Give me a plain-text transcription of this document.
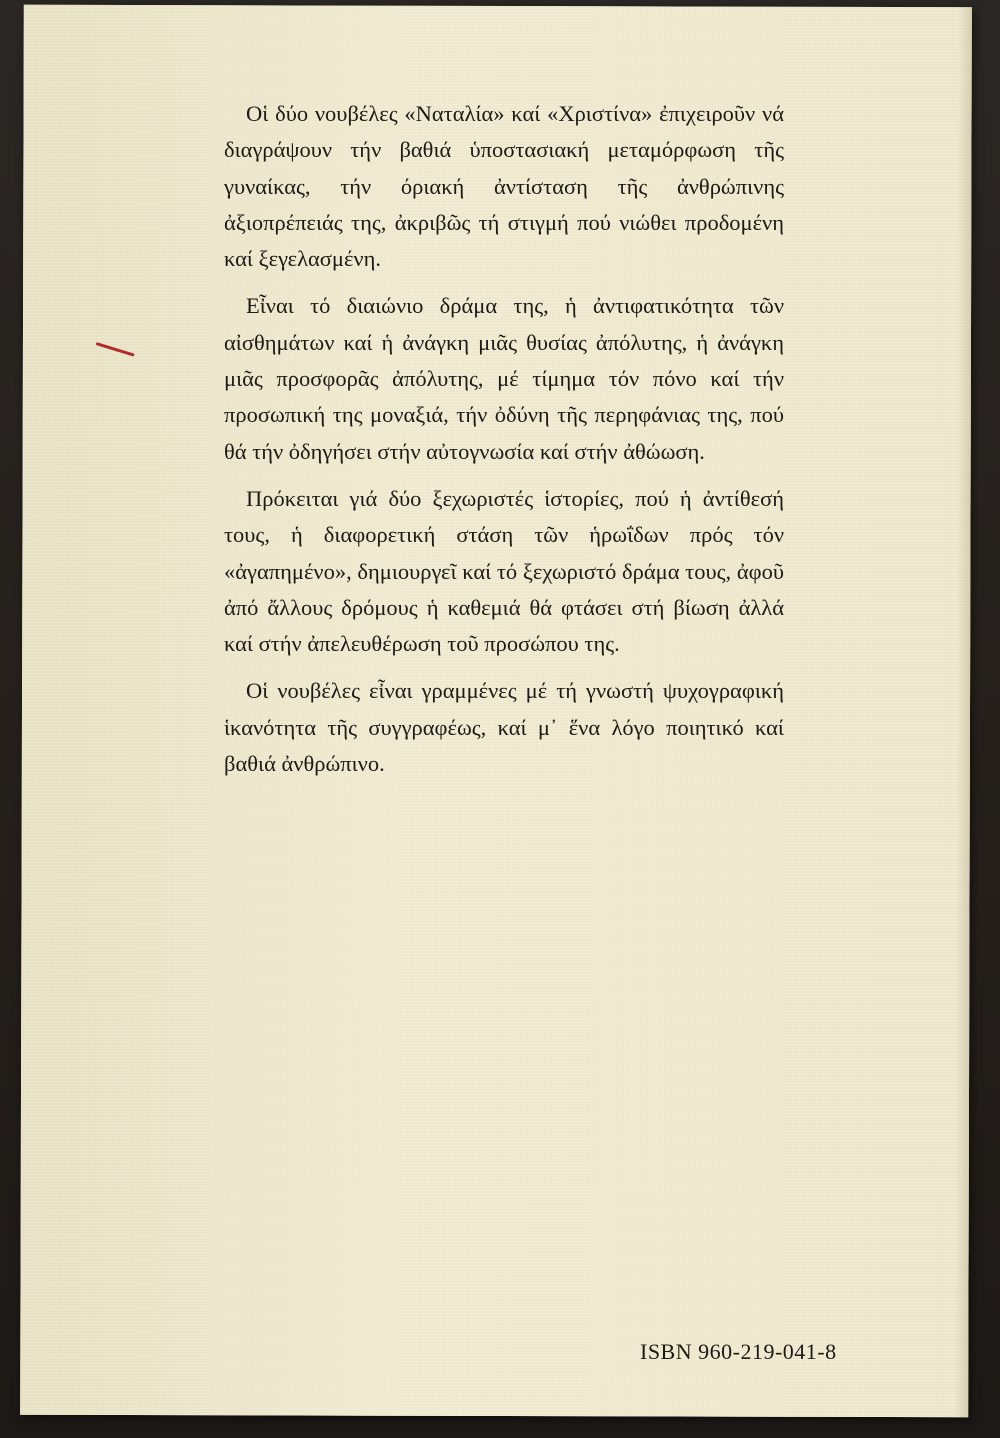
Οἱ δύο νουβέλες «Ναταλία» καί «Χριστίνα» ἐπιχειροῦν νά διαγράψουν τήν βαθιά ὑποστασιακή μεταμόρφωση τῆς γυναίκας, τήν όριακή ἀντίσταση τῆς ἀνθρώπινης ἀξιοπρέπειάς της, ἀκριβῶς τή στιγμή πού νιώθει προδομένη καί ξεγελασμένη.

Εἶναι τό διαιώνιο δράμα της, ἡ ἀντιφατικότητα τῶν αἰσθημάτων καί ἡ ἀνάγκη μιᾶς θυσίας ἀπόλυτης, ἡ ἀνάγκη μιᾶς προσφορᾶς ἀπόλυτης, μέ τίμημα τόν πόνο καί τήν προσωπική της μοναξιά, τήν ὀδύνη τῆς περηφάνιας της, πού θά τήν ὀδηγήσει στήν αὐτογνωσία καί στήν ἀθώωση.

Πρόκειται γιά δύο ξεχωριστές ἱστορίες, πού ἡ ἀντίθεσή τους, ἡ διαφορετική στάση τῶν ἡρωΐδων πρός τόν «ἀγαπημένο», δημιουργεῖ καί τό ξεχωριστό δράμα τους, ἀφοῦ ἀπό ἄλλους δρόμους ἡ καθεμιά θά φτάσει στή βίωση ἀλλά καί στήν ἀπελευθέρωση τοῦ προσώπου της.

Οἱ νουβέλες εἶναι γραμμένες μέ τή γνωστή ψυχογραφική ἱκανότητα τῆς συγγραφέως, καί μ᾿ ἕνα λόγο ποιητικό καί βαθιά ἀνθρώπινο.

ISBN 960-219-041-8
